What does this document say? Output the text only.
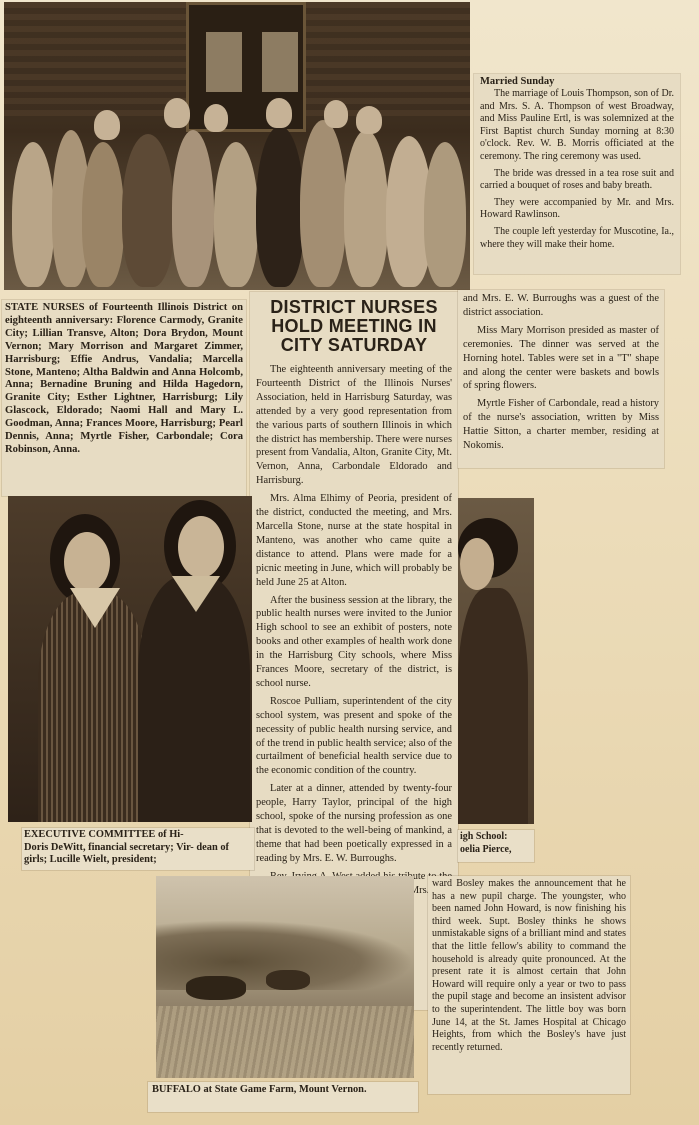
Married Sunday

The marriage of Louis Thompson, son of Dr. and Mrs. S. A. Thompson of west Broadway, and Miss Pauline Ertl, is was solemnized at the First Baptist church Sunday morning at 8:30 o'clock. Rev. W. B. Morris officiated at the ceremony. The ring ceremony was used.

The bride was dressed in a tea rose suit and carried a bouquet of roses and baby breath.

They were accompanied by Mr. and Mrs. Howard Rawlinson.

The couple left yesterday for Muscotine, Ia., where they will make their home.

STATE NURSES of Fourteenth Illinois District on eighteenth anniversary: Florence Carmody, Granite City; Lillian Transve, Alton; Dora Brydon, Mount Vernon; Mary Morrison and Margaret Zimmer, Harrisburg; Effie Andrus, Vandalia; Marcella Stone, Manteno; Altha Baldwin and Anna Holcomb, Anna; Bernadine Bruning and Hilda Hagedorn, Granite City; Esther Lightner, Harrisburg; Lily Glascock, Eldorado; Naomi Hall and Mary L. Goodman, Anna; Frances Moore, Harrisburg; Pearl Dennis, Anna; Myrtle Fisher, Carbondale; Cora Robinson, Anna.

DISTRICT NURSES HOLD MEETING IN CITY SATURDAY

The eighteenth anniversary meeting of the Fourteenth District of the Illinois Nurses' Association, held in Harrisburg Saturday, was attended by a very good representation from the various parts of southern Illinois in which the district has membership. There were nurses present from Vandalia, Alton, Granite City, Mt. Vernon, Anna, Carbondale Eldorado and Harrisburg.

Mrs. Alma Elhimy of Peoria, president of the district, conducted the meeting, and Mrs. Marcella Stone, nurse at the state hospital in Manteno, was another who came quite a distance to attend. Plans were made for a picnic meeting in June, which will probably be held June 25 at Alton.

After the business session at the library, the public health nurses were invited to the Junior High school to see an exhibit of posters, note books and other examples of health work done in the Harrisburg City schools, where Miss Frances Moore, secretary of the district, is school nurse.

Roscoe Pulliam, superintendent of the city school system, was present and spoke of the necessity of public health nursing service, and of the trend in public health service; also of the curtailment of beneficial health service due to the economic condition of the country.

Later at a dinner, attended by twenty-four people, Harry Taylor, principal of the high school, spoke of the nursing profession as one that is devoted to the well-being of mankind, a theme that had been poetically expressed in a reading by Mrs. E. W. Burroughs.

Mrs.

and Mrs. E. W. Burroughs was a guest of the district association.

Miss Mary Morrison presided as master of ceremonies. The dinner was served at the Horning hotel. Tables were set in a "T" shape and along the center were baskets and bowls of spring flowers.

Myrtle Fisher of Carbondale, read a history of the nurse's association, written by Miss Hattie Sitton, a charter member, residing at Nokomis.

EXECUTIVE COMMITTEE of Hi-
Doris DeWitt, financial secretary; Vir- dean of girls; Lucille Wielt, president;

igh School:
oelia Pierce,

ward Bosley makes the announcement that he has a new pupil charge. The youngster, who been named John Howard, is now finishing his third week. Supt. Bosley thinks he shows unmistakable signs of a brilliant mind and states that the little fellow's ability to command the household is already quite pronounced. At the present rate it is almost certain that John Howard will require only a year or two to pass the pupil stage and become an insistent advisor to the superintendent. The little boy was born June 14, at the St. James Hospital at Chicago Heights, from which the Bosley's have just recently returned.

BUFFALO at State Game Farm, Mount Vernon.
